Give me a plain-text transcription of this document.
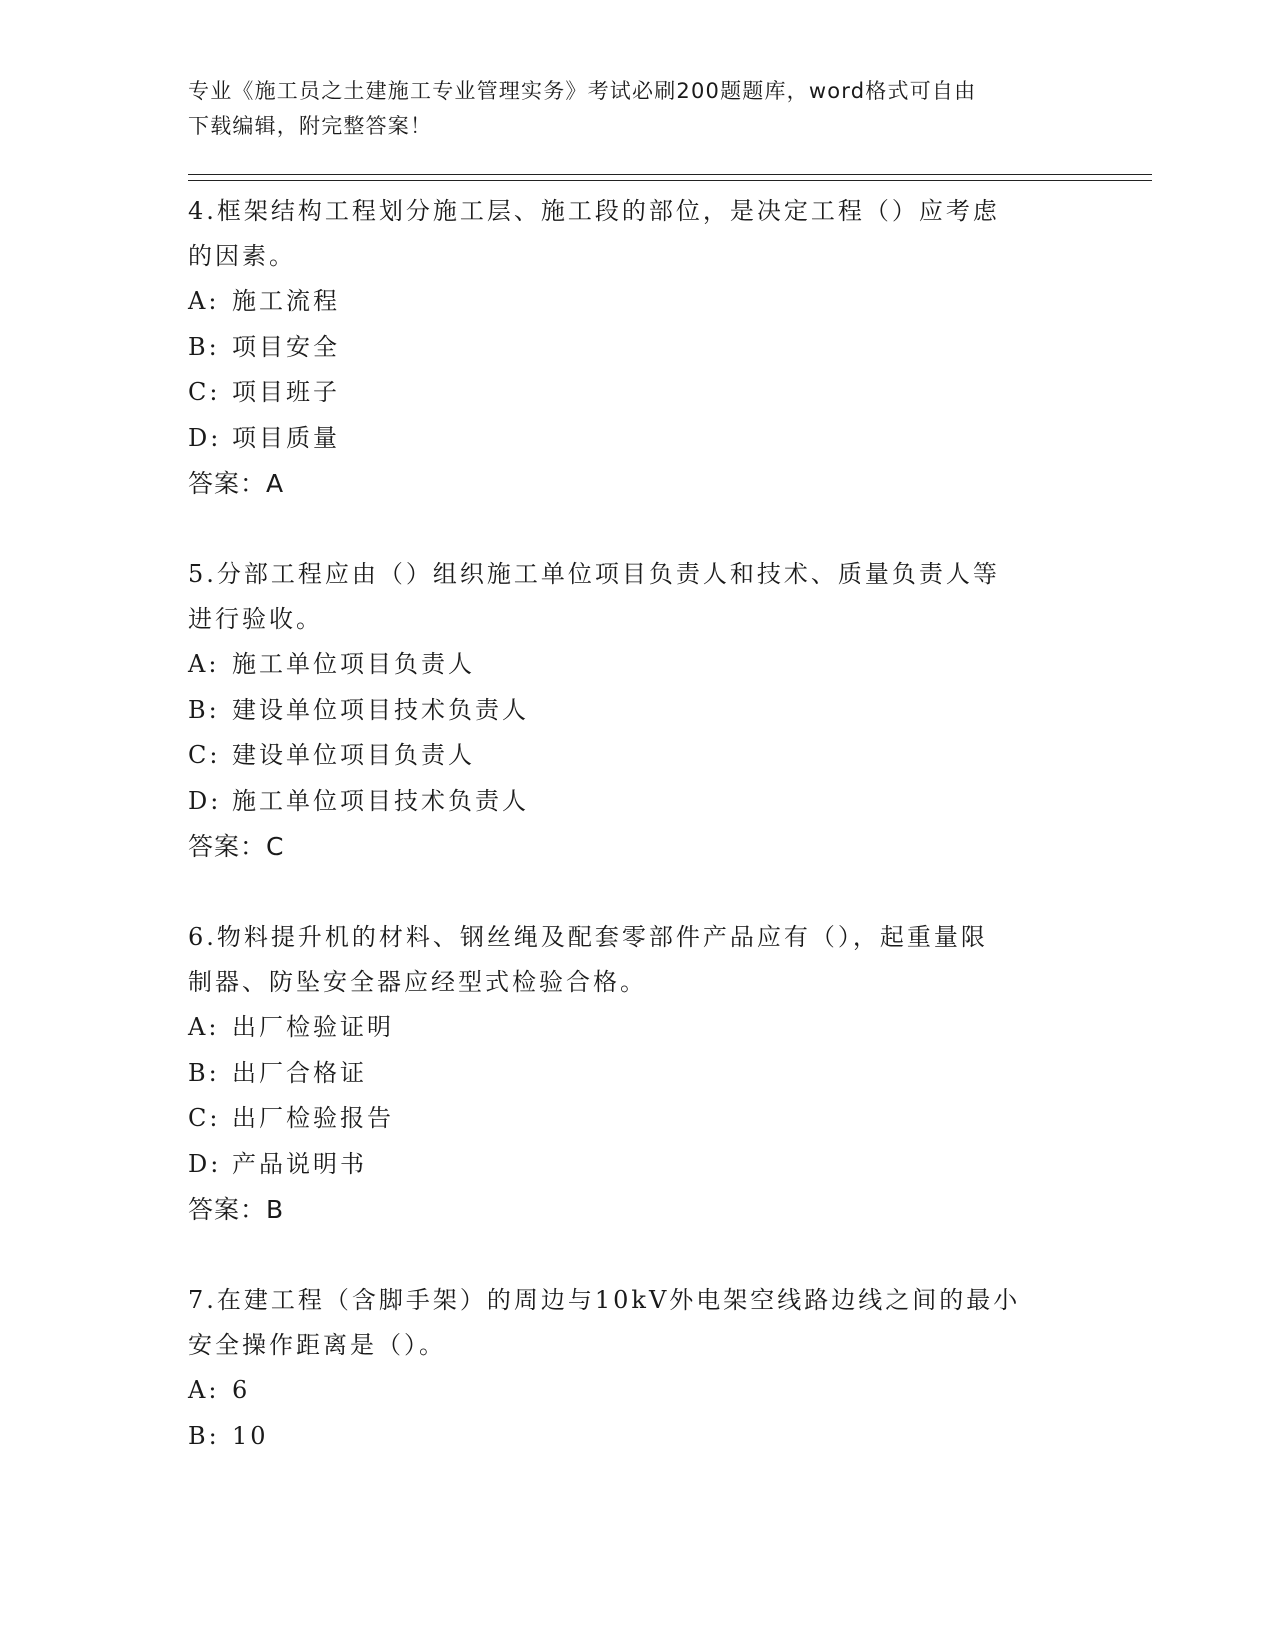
专业《施工员之土建施工专业管理实务》考试必刷200题题库，word格式可自由
下载编辑，附完整答案！

4.框架结构工程划分施工层、施工段的部位，是决定工程（）应考虑

的因素。

A: 施工流程

B: 项目安全

C: 项目班子

D: 项目质量

答案：A

5.分部工程应由（）组织施工单位项目负责人和技术、质量负责人等

进行验收。

A: 施工单位项目负责人

B: 建设单位项目技术负责人

C: 建设单位项目负责人

D: 施工单位项目技术负责人

答案：C

6.物料提升机的材料、钢丝绳及配套零部件产品应有（），起重量限

制器、防坠安全器应经型式检验合格。

A: 出厂检验证明

B: 出厂合格证

C: 出厂检验报告

D: 产品说明书

答案：B

7.在建工程（含脚手架）的周边与10kV外电架空线路边线之间的最小

安全操作距离是（）。

A: 6

B: 10
